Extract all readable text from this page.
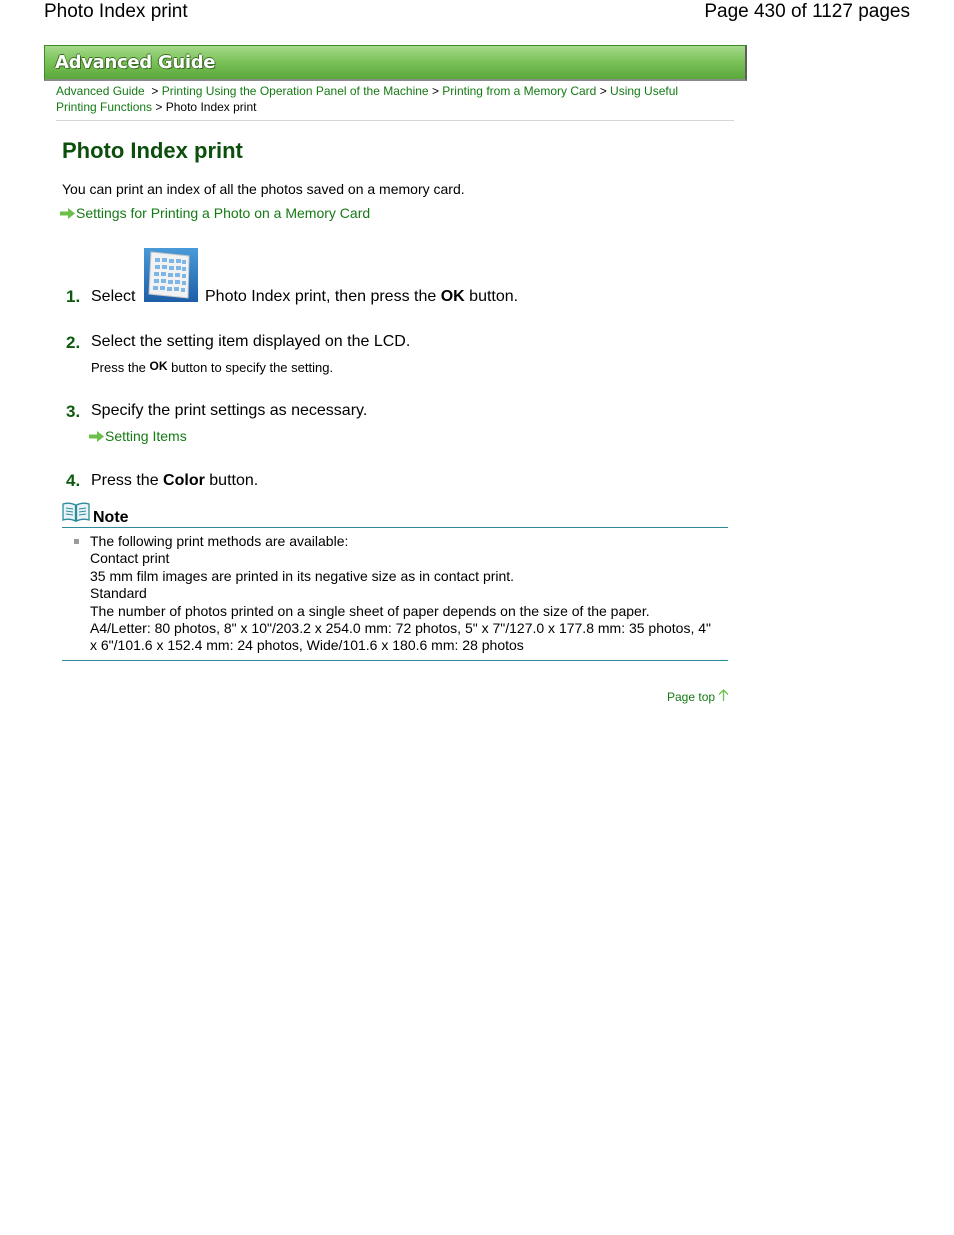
Photo Index print	Page 430 of 1127 pages
Advanced Guide
Advanced Guide > Printing Using the Operation Panel of the Machine > Printing from a Memory Card > Using Useful
Printing Functions > Photo Index print
Photo Index print
You can print an index of all the photos saved on a memory card.
Settings for Printing a Photo on a Memory Card
1. Select	Photo Index print, then press the OK button.
2. Select the setting item displayed on the LCD.
Press the OK button to specify the setting.
3. Specify the print settings as necessary.
Setting Items
4. Press the Color button.
Note
The following print methods are available:
Contact print
35 mm film images are printed in its negative size as in contact print.
Standard
The number of photos printed on a single sheet of paper depends on the size of the paper.
A4/Letter: 80 photos, 8" x 10"/203.2 x 254.0 mm: 72 photos, 5" x 7"/127.0 x 177.8 mm: 35 photos, 4"
x 6"/101.6 x 152.4 mm: 24 photos, Wide/101.6 x 180.6 mm: 28 photos
Page top
